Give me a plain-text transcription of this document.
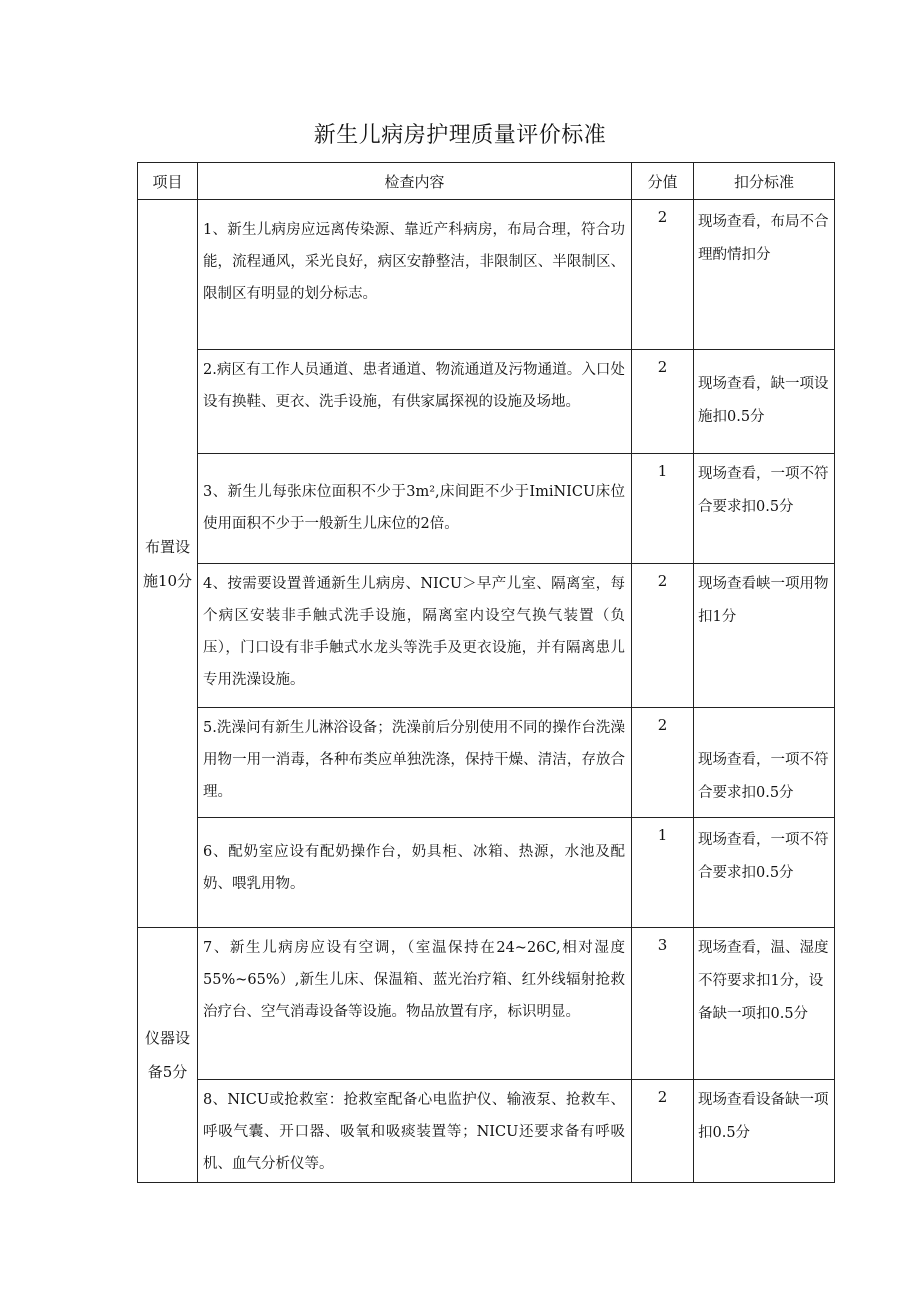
新生儿病房护理质量评价标准
项目	检查内容	分值	扣分标准
布置设施10分	1、新生儿病房应远离传染源、靠近产科病房，布局合理，符合功能，流程通风，采光良好，病区安静整洁，非限制区、半限制区、限制区有明显的划分标志。	2	现场查看，布局不合理酌情扣分
	2.病区有工作人员通道、患者通道、物流通道及污物通道。入口处设有换鞋、更衣、洗手设施，有供家属探视的设施及场地。	2	现场查看，缺一项设施扣0.5分
	3、新生儿每张床位面积不少于3m²,床间距不少于ImiNICU床位使用面积不少于一般新生儿床位的2倍。	1	现场查看，一项不符合要求扣0.5分
	4、按需要设置普通新生儿病房、NICU＞早产儿室、隔离室，每个病区安装非手触式洗手设施，隔离室内设空气换气装置（负压），门口设有非手触式水龙头等洗手及更衣设施，并有隔离患儿专用洗澡设施。	2	现场查看峡一项用物扣1分
	5.洗澡问有新生儿淋浴设备；洗澡前后分别使用不同的操作台洗澡用物一用一消毒，各种布类应单独洗涤，保持干燥、清洁，存放合理。	2	现场查看，一项不符合要求扣0.5分
	6、配奶室应设有配奶操作台，奶具柜、冰箱、热源，水池及配奶、喂乳用物。	1	现场查看，一项不符合要求扣0.5分
仪器设备5分	7、新生儿病房应设有空调，（室温保持在24~26C,相对湿度55%~65%）,新生儿床、保温箱、蓝光治疗箱、红外线辐射抢救治疗台、空气消毒设备等设施。物品放置有序，标识明显。	3	现场查看，温、湿度不符要求扣1分，设备缺一项扣0.5分
	8、NICU或抢救室：抢救室配备心电监护仪、输液泵、抢救车、呼吸气囊、开口器、吸氧和吸痰装置等；NICU还要求备有呼吸机、血气分析仪等。	2	现场查看设备缺一项扣0.5分
